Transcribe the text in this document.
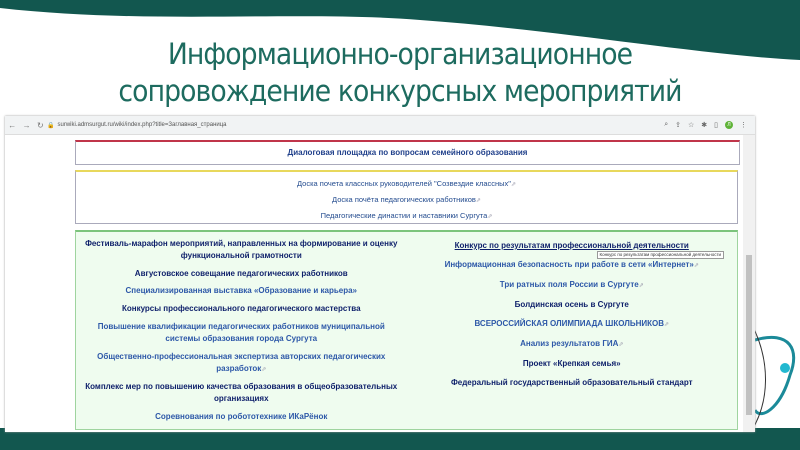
Информационно-организационное
сопровождение конкурсных мероприятий
← → ↻ 🔒 surwiki.admsurgut.ru/wiki/index.php?title=Заглавная_страница	⌕ ⇪ ☆ ✱ ▯	Л	⋮
Диалоговая площадка по вопросам семейного образования
Доска почета классных руководителей "Созвездие классных"⇗
Доска почёта педагогических работников⇗
Педагогические династии и наставники Сургута⇗
Фестиваль-марафон мероприятий, направленных на формирование и оценку функциональной грамотности
Августовское совещание педагогических работников
Специализированная выставка «Образование и карьера»
Конкурсы профессионального педагогического мастерства
Повышение квалификации педагогических работников муниципальной системы образования города Сургута
Общественно-профессиональная экспертиза авторских педагогических разработок⇗
Комплекс мер по повышению качества образования в общеобразовательных организациях
Соревнования по робототехнике ИКаРёнок
Конкурс по результатам профессиональной деятельности
Конкурс по результатам профессиональной деятельности
Информационная безопасность при работе в сети «Интернет»⇗
Три ратных поля России в Сургуте⇗
Болдинская осень в Сургуте
ВСЕРОССИЙСКАЯ ОЛИМПИАДА ШКОЛЬНИКОВ⇗
Анализ результатов ГИА⇗
Проект «Крепкая семья»
Федеральный государственный образовательный стандарт
